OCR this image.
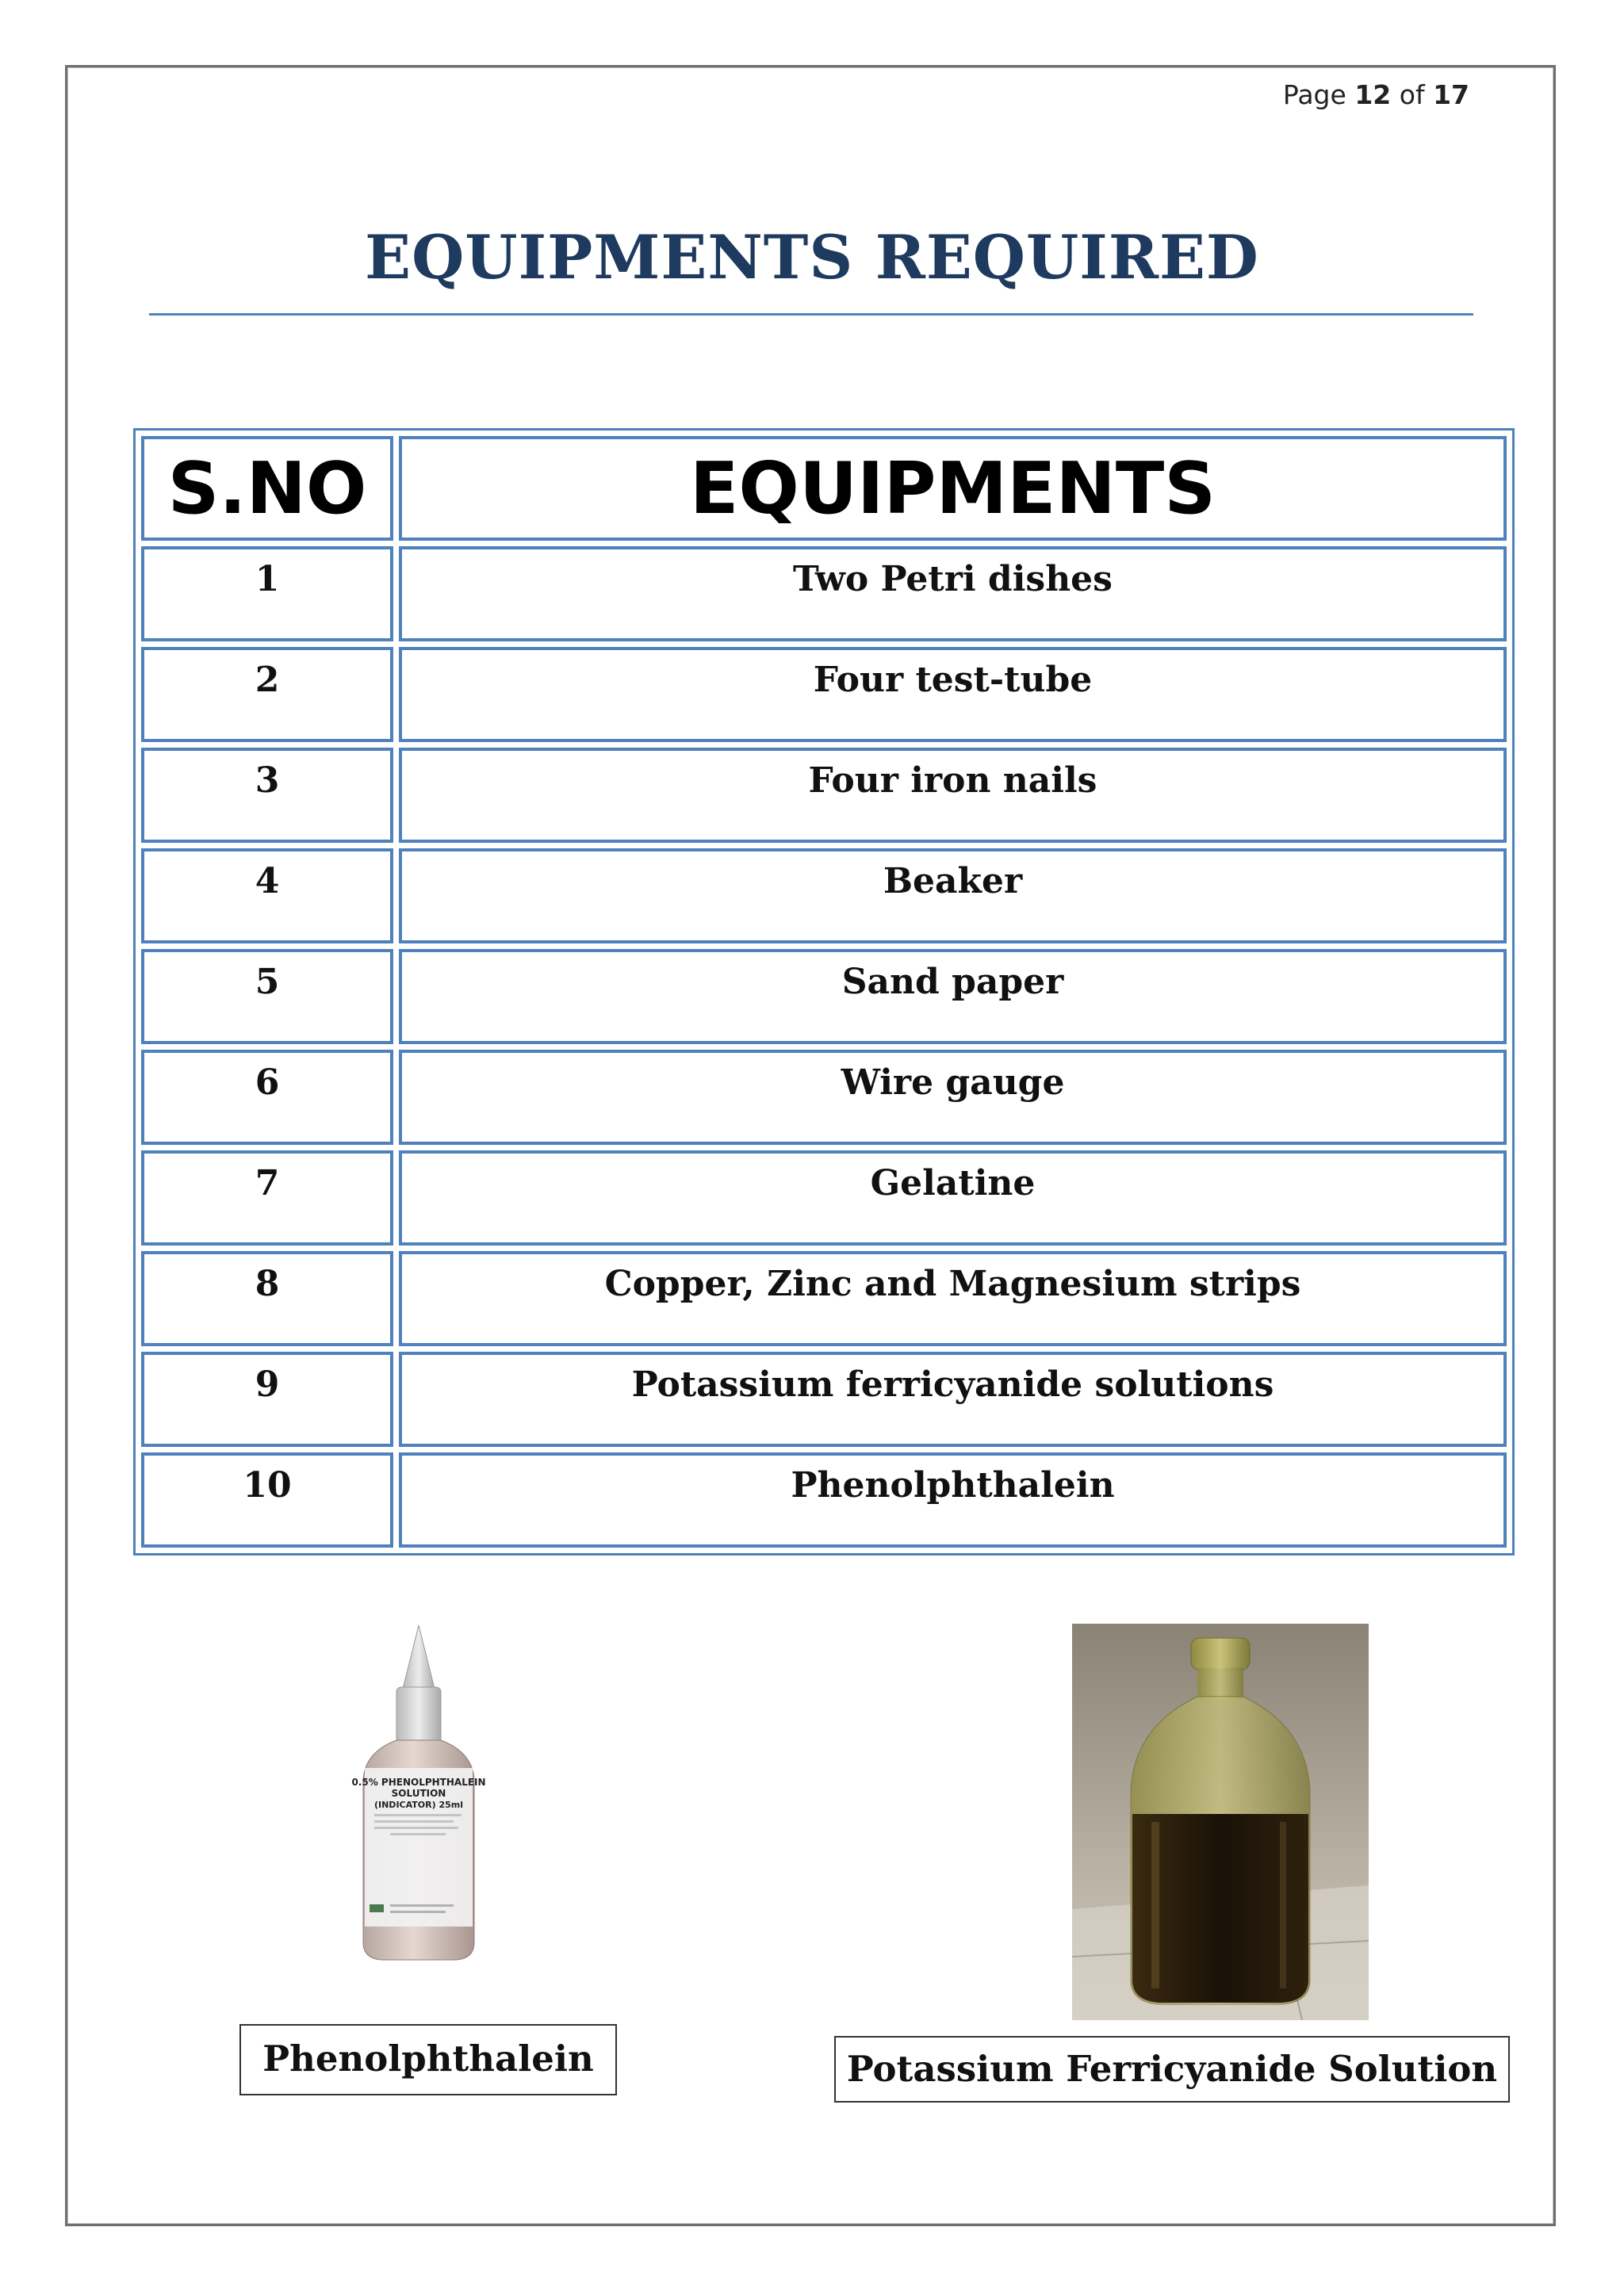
Page 12 of 17
EQUIPMENTS REQUIRED
S.NO	EQUIPMENTS
1	Two Petri dishes
2	Four test-tube
3	Four iron nails
4	Beaker
5	Sand paper
6	Wire gauge
7	Gelatine
8	Copper, Zinc and Magnesium strips
9	Potassium ferricyanide solutions
10	Phenolphthalein
0.5% PHENOLPHTHALEIN
SOLUTION
(INDICATOR) 25ml
Phenolphthalein	Potassium Ferricyanide Solution
